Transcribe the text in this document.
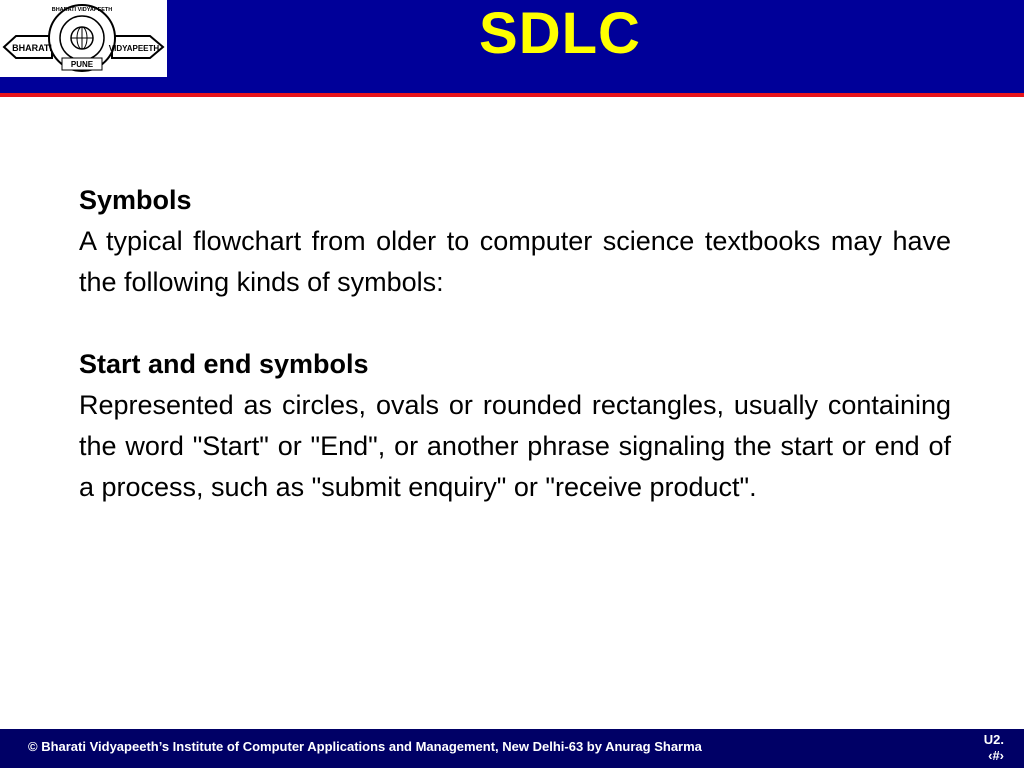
BHARATI	VIDYAPEETH
BHARATI VIDYAPEETH
PUNE	SDLC

Symbols

A typical flowchart from older to computer science textbooks may have the following kinds of symbols:

Start and end symbols

Represented as circles, ovals or rounded rectangles, usually containing the word "Start" or "End", or another phrase signaling the start or end of a process, such as "submit enquiry" or "receive product".

© Bharati Vidyapeeth’s Institute of Computer Applications and Management, New Delhi-63 by Anurag Sharma	U2.
‹#›
